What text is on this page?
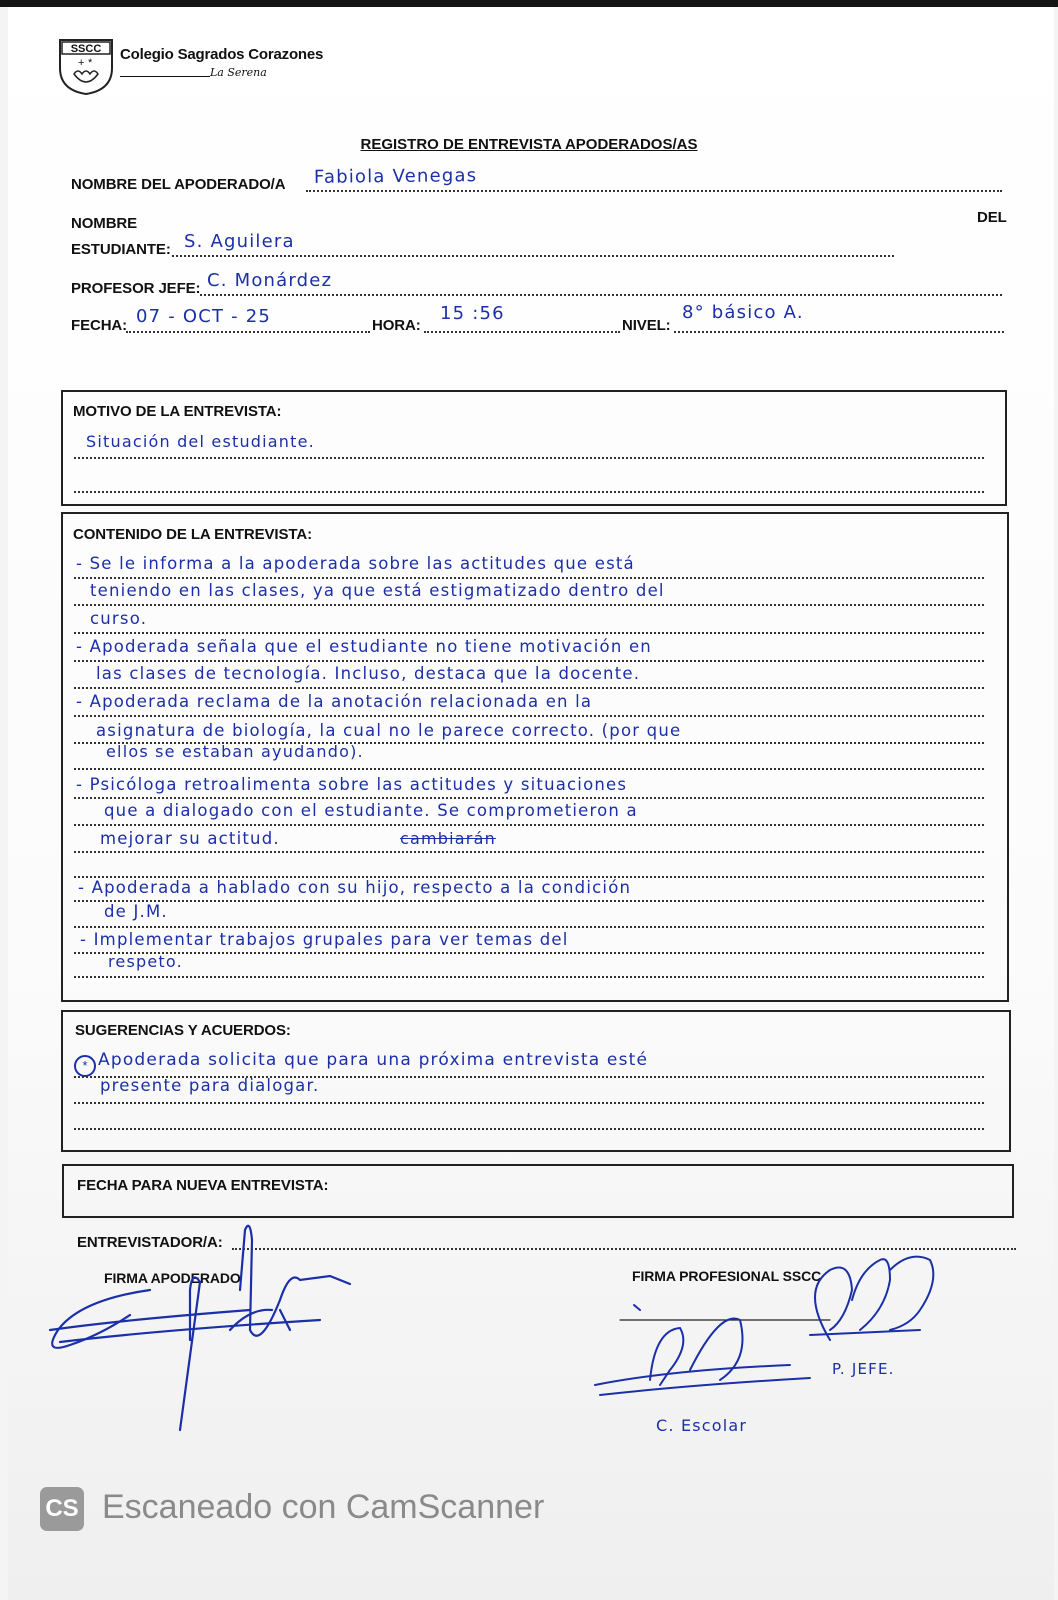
SSCC
+ * Colegio Sagrados Corazones
La Serena
REGISTRO DE ENTREVISTA APODERADOS/AS
NOMBRE DEL APODERADO/A Fabiola Venegas
NOMBRE	DEL
ESTUDIANTE: S. Aguilera
PROFESOR JEFE: C. Monárdez
FECHA: 07 - OCT - 25	HORA:
15 :56
NIVEL:
8° básico A.
MOTIVO DE LA ENTREVISTA:
Situación del estudiante.
CONTENIDO DE LA ENTREVISTA:
- Se le informa a la apoderada sobre las actitudes que está
teniendo en las clases, ya que está estigmatizado dentro del
curso.
- Apoderada señala que el estudiante no tiene motivación en
las clases de tecnología. Incluso, destaca que la docente.
- Apoderada reclama de la anotación relacionada en la
asignatura de biología, la cual no le parece correcto. (por que
ellos se estaban ayudando).
- Psicóloga retroalimenta sobre las actitudes y situaciones
que a dialogado con el estudiante. Se comprometieron a
mejorar su actitud.	cambiarán
- Apoderada a hablado con su hijo, respecto a la condición
de J.M.
- Implementar trabajos grupales para ver temas del
respeto.
SUGERENCIAS Y ACUERDOS:
* Apoderada solicita que para una próxima entrevista esté
presente para dialogar.
FECHA PARA NUEVA ENTREVISTA:
ENTREVISTADOR/A:
FIRMA APODERADO	FIRMA PROFESIONAL SSCC
P. JEFE.
C. Escolar
CS Escaneado con CamScanner
